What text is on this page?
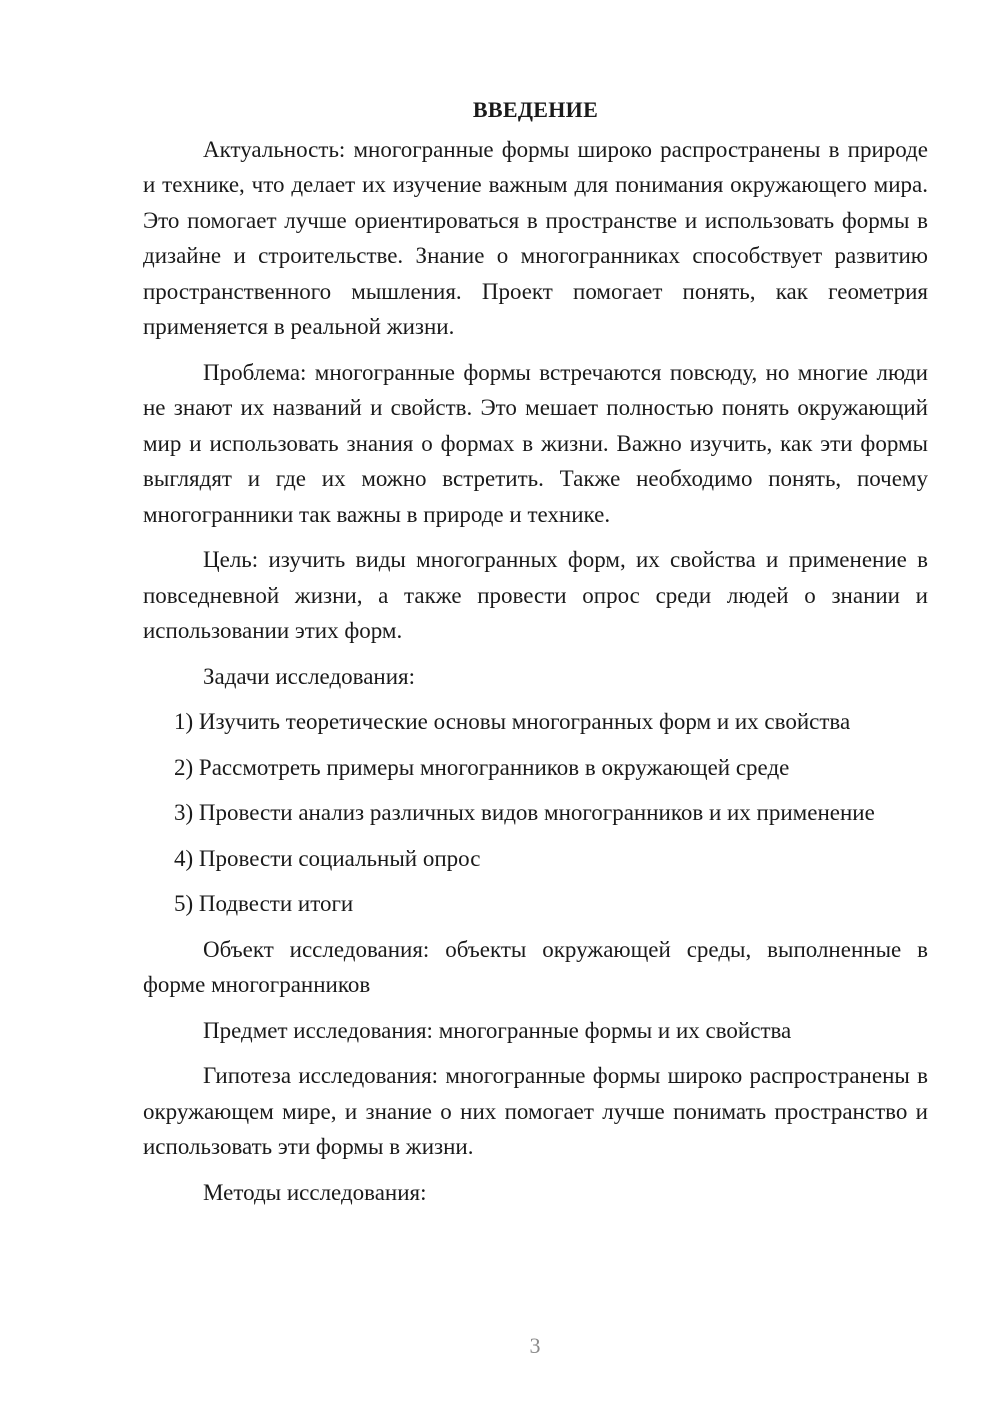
ВВЕДЕНИЕ

Актуальность: многогранные формы широко распространены в природе и технике, что делает их изучение важным для понимания окружающего мира. Это помогает лучше ориентироваться в пространстве и использовать формы в дизайне и строительстве. Знание о многогранниках способствует развитию пространственного мышления. Проект помогает понять, как геометрия применяется в реальной жизни.

Проблема: многогранные формы встречаются повсюду, но многие люди не знают их названий и свойств. Это мешает полностью понять окружающий мир и использовать знания о формах в жизни. Важно изучить, как эти формы выглядят и где их можно встретить. Также необходимо понять, почему многогранники так важны в природе и технике.

Цель: изучить виды многогранных форм, их свойства и применение в повседневной жизни, а также провести опрос среди людей о знании и использовании этих форм.

Задачи исследования:

1) Изучить теоретические основы многогранных форм и их свойства

2) Рассмотреть примеры многогранников в окружающей среде

3) Провести анализ различных видов многогранников и их применение

4) Провести социальный опрос

5) Подвести итоги

Объект исследования: объекты окружающей среды, выполненные в форме многогранников

Предмет исследования: многогранные формы и их свойства

Гипотеза исследования: многогранные формы широко распространены в окружающем мире, и знание о них помогает лучше понимать пространство и использовать эти формы в жизни.

Методы исследования:

3
